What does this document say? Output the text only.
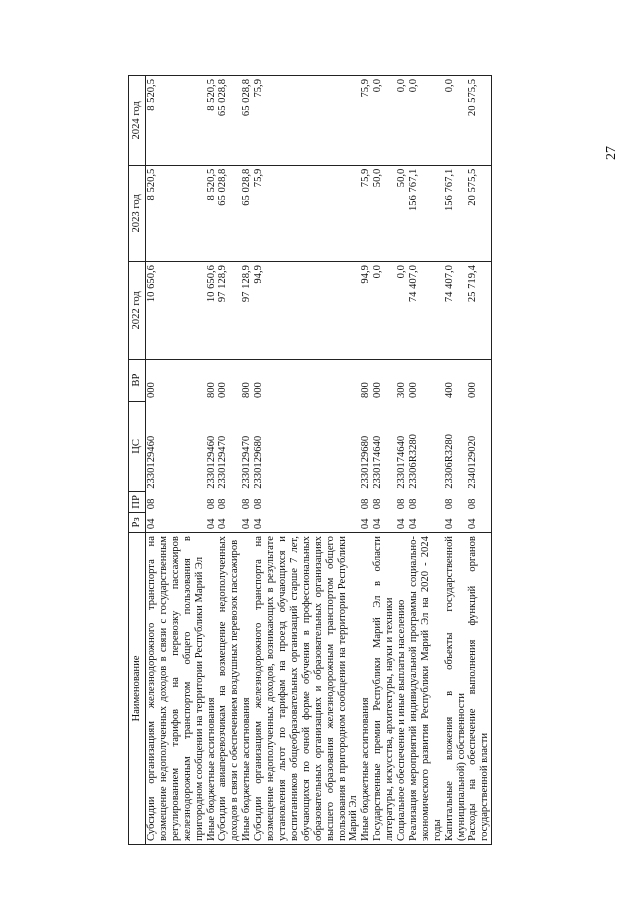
27
Наименование	Рз	ПР	ЦС	ВР	2022 год	2023 год	2024 год
Субсидии организациям железнодорожного транспорта на возмещение недополученных доходов в связи с государственным регулированием тарифов на перевозку пассажиров железнодорожным транспортом общего пользования в пригородном сообщении на территории Республики Марий Эл	04	08	2330129460	000	10 650,6	8 520,5	8 520,5
Иные бюджетные ассигнования	04	08	2330129460	800	10 650,6	8 520,5	8 520,5
Субсидии авиаперевозчикам на возмещение недополученных доходов в связи с обеспечением воздушных перевозок пассажиров	04	08	2330129470	000	97 128,9	65 028,8	65 028,8
Иные бюджетные ассигнования	04	08	2330129470	800	97 128,9	65 028,8	65 028,8
Субсидии организациям железнодорожного транспорта на возмещение недополученных доходов, возникающих в результате установления льгот по тарифам на проезд обучающихся и воспитанников общеобразовательных организаций старше 7 лет, обучающихся по очной форме обучения в профессиональных образовательных организациях и образовательных организациях высшего образования железнодорожным транспортом общего пользования в пригородном сообщении на территории Республики Марий Эл	04	08	2330129680	000	94,9	75,9	75,9
Иные бюджетные ассигнования	04	08	2330129680	800	94,9	75,9	75,9
Государственные премии Республики Марий Эл в области литературы, искусства, архитектуры, науки и техники	04	08	2330174640	000	0,0	50,0	0,0
Социальное обеспечение и иные выплаты населению	04	08	2330174640	300	0,0	50,0	0,0
Реализация мероприятий индивидуальной программы социально-экономического развития Республики Марий Эл на 2020 - 2024 годы	04	08	23306R3280	000	74 407,0	156 767,1	0,0
Капитальные вложения в объекты государственной (муниципальной) собственности	04	08	23306R3280	400	74 407,0	156 767,1	0,0
Расходы на обеспечение выполнения функций органов государственной власти	04	08	2340129020	000	25 719,4	20 575,5	20 575,5
